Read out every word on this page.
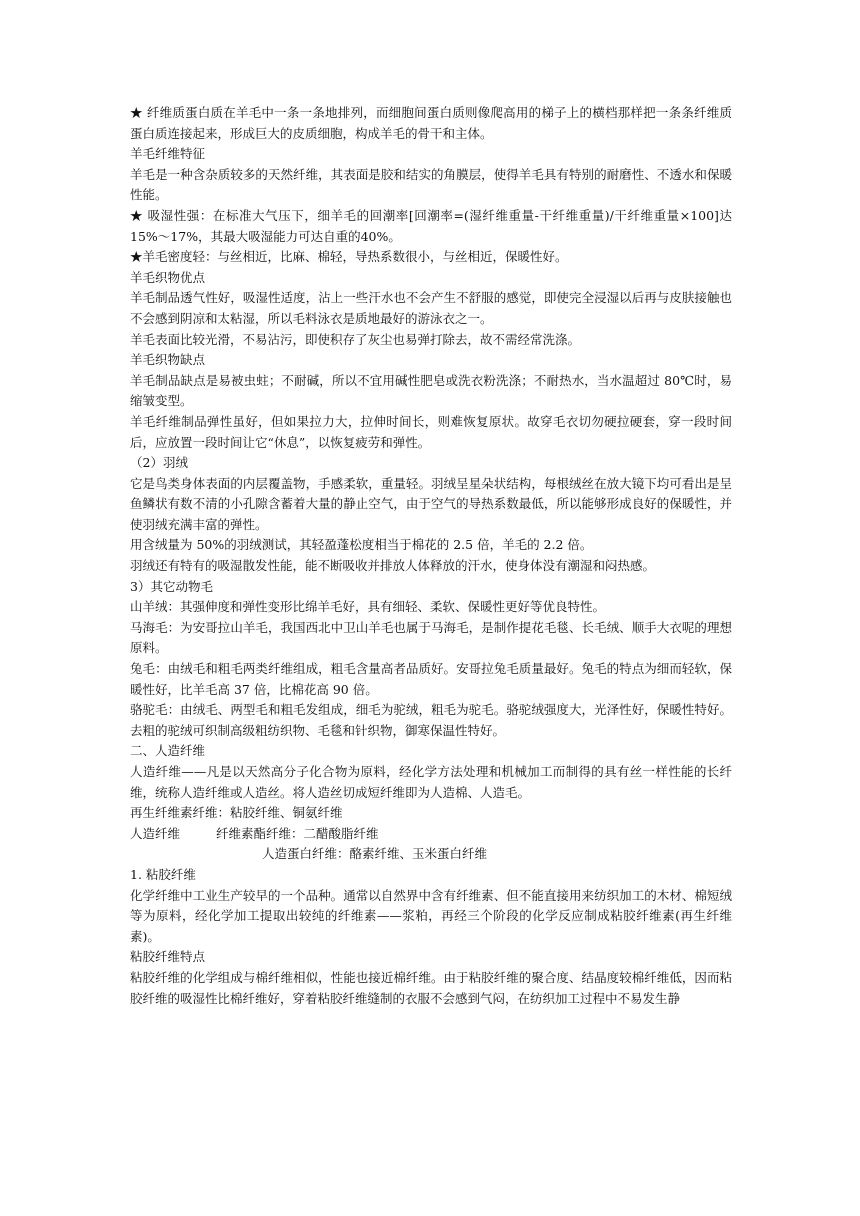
★ 纤维质蛋白质在羊毛中一条一条地排列，而细胞间蛋白质则像爬高用的梯子上的横档那样把一条条纤维质蛋白质连接起来，形成巨大的皮质细胞，构成羊毛的骨干和主体。

羊毛纤维特征

羊毛是一种含杂质较多的天然纤维，其表面是胶和结实的角膜层，使得羊毛具有特别的耐磨性、不透水和保暖性能。

★ 吸湿性强：在标准大气压下，细羊毛的回潮率[回潮率=(湿纤维重量-干纤维重量)/干纤维重量×100]达15%～17%，其最大吸湿能力可达自重的40%。

★羊毛密度轻：与丝相近，比麻、棉轻，导热系数很小，与丝相近，保暖性好。

羊毛织物优点

羊毛制品透气性好，吸湿性适度，沾上一些汗水也不会产生不舒服的感觉，即使完全浸湿以后再与皮肤接触也不会感到阴凉和太粘湿，所以毛料泳衣是质地最好的游泳衣之一。

羊毛表面比较光滑，不易沾污，即使积存了灰尘也易弹打除去，故不需经常洗涤。

羊毛织物缺点

羊毛制品缺点是易被虫蛀；不耐碱，所以不宜用碱性肥皂或洗衣粉洗涤；不耐热水，当水温超过 80℃时，易缩皱变型。

羊毛纤维制品弹性虽好，但如果拉力大，拉伸时间长，则难恢复原状。故穿毛衣切勿硬拉硬套，穿一段时间后，应放置一段时间让它“休息”，以恢复疲劳和弹性。

（2）羽绒

它是鸟类身体表面的内层覆盖物，手感柔软，重量轻。羽绒呈星朵状结构，每根绒丝在放大镜下均可看出是呈鱼鳞状有数不清的小孔隙含蓄着大量的静止空气，由于空气的导热系数最低，所以能够形成良好的保暖性，并使羽绒充满丰富的弹性。

用含绒量为 50%的羽绒测试，其轻盈蓬松度相当于棉花的 2.5 倍，羊毛的 2.2 倍。

羽绒还有特有的吸湿散发性能，能不断吸收并排放人体释放的汗水，使身体没有潮湿和闷热感。

3）其它动物毛

山羊绒：其强伸度和弹性变形比绵羊毛好，具有细轻、柔软、保暖性更好等优良特性。

马海毛：为安哥拉山羊毛，我国西北中卫山羊毛也属于马海毛，是制作提花毛毯、长毛绒、顺手大衣呢的理想原料。

兔毛：由绒毛和粗毛两类纤维组成，粗毛含量高者品质好。安哥拉兔毛质量最好。兔毛的特点为细而轻软，保暖性好，比羊毛高 37 倍，比棉花高 90 倍。

骆驼毛：由绒毛、两型毛和粗毛发组成，细毛为驼绒，粗毛为驼毛。骆驼绒强度大，光泽性好，保暖性特好。去粗的驼绒可织制高级粗纺织物、毛毯和针织物，御寒保温性特好。

二、人造纤维

人造纤维——凡是以天然高分子化合物为原料，经化学方法处理和机械加工而制得的具有丝一样性能的长纤维，统称人造纤维或人造丝。将人造丝切成短纤维即为人造棉、人造毛。

再生纤维素纤维：粘胶纤维、铜氨纤维

人造纤维	纤维素酯纤维：二醋酸脂纤维

人造蛋白纤维：酪素纤维、玉米蛋白纤维

1. 粘胶纤维

化学纤维中工业生产较早的一个品种。通常以自然界中含有纤维素、但不能直接用来纺织加工的木材、棉短绒等为原料，经化学加工提取出较纯的纤维素——浆粕，再经三个阶段的化学反应制成粘胶纤维素(再生纤维素)。

粘胶纤维特点

粘胶纤维的化学组成与棉纤维相似，性能也接近棉纤维。由于粘胶纤维的聚合度、结晶度较棉纤维低，因而粘胶纤维的吸湿性比棉纤维好，穿着粘胶纤维缝制的衣服不会感到气闷，在纺织加工过程中不易发生静
